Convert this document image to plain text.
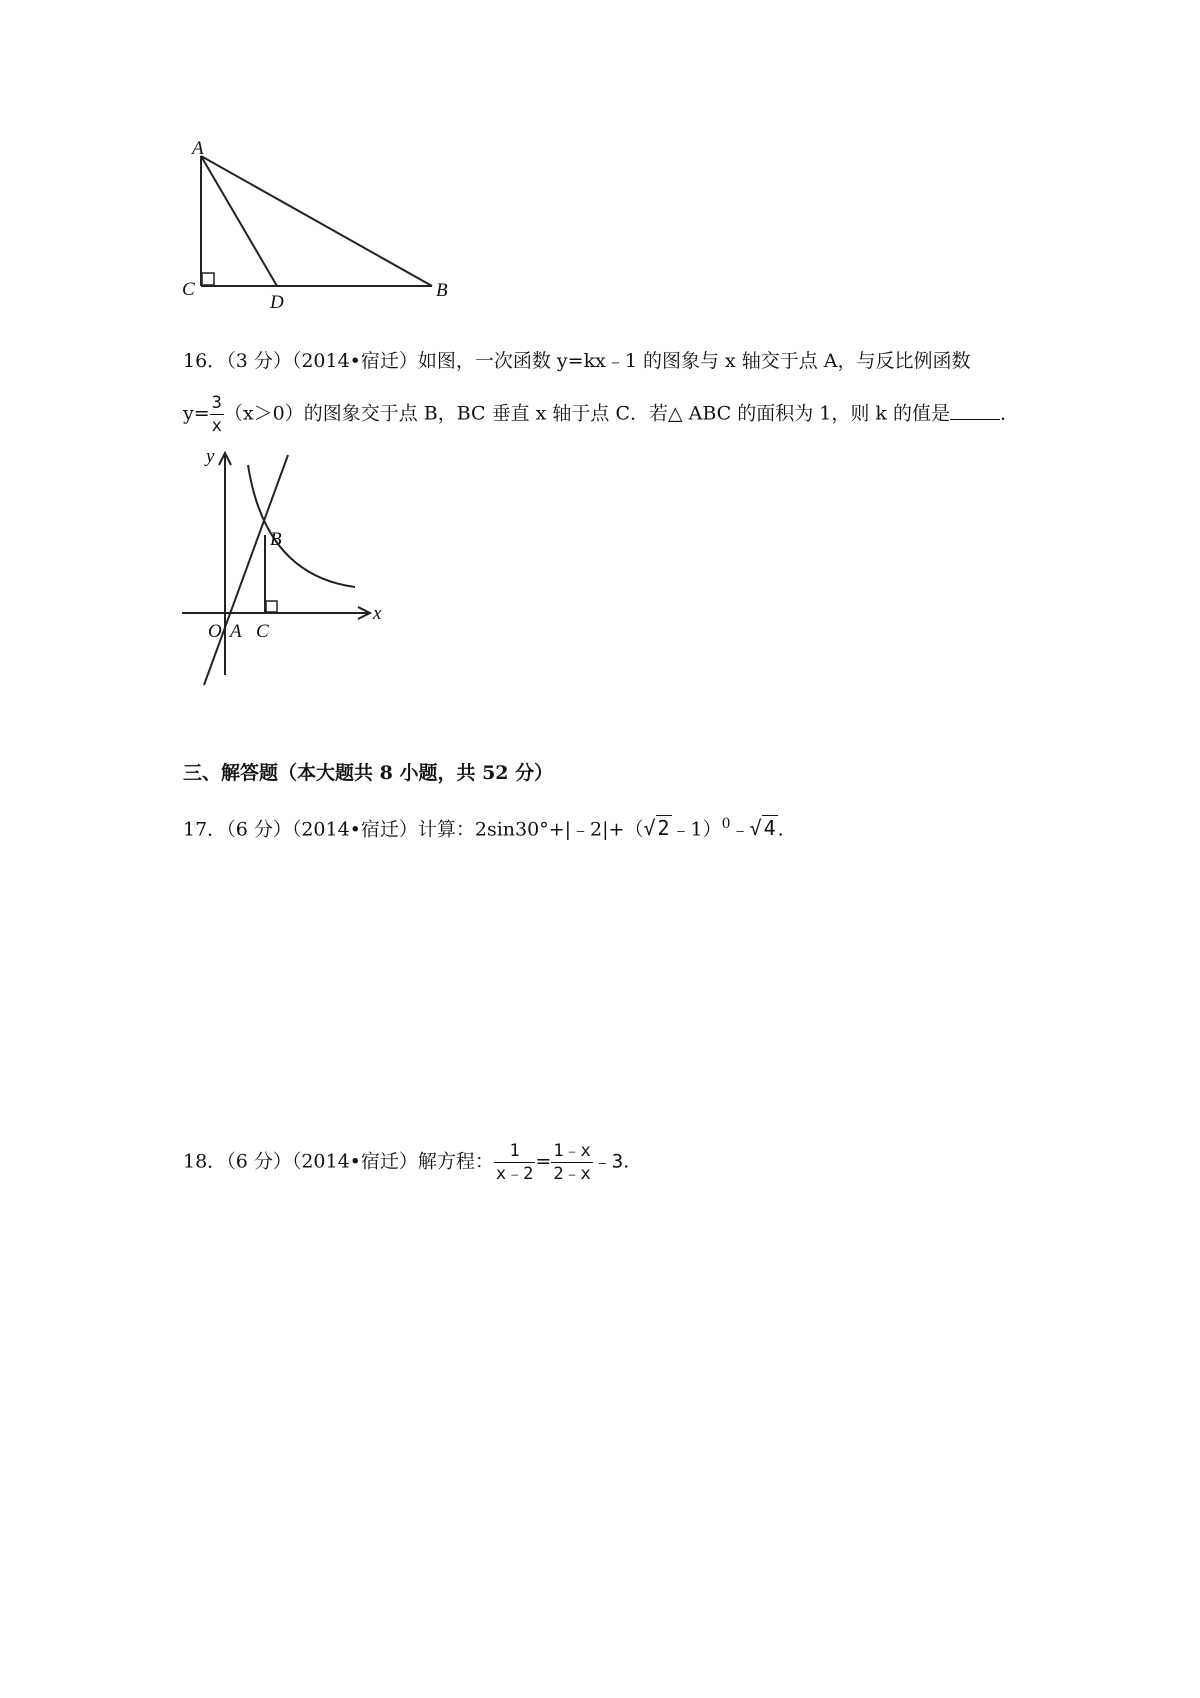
A
C
D
B
16．（3 分）（2014•宿迁）如图，一次函数 y=kx﹣1 的图象与 x 轴交于点 A，与反比例函数
$y= \frac{3}{x} (x>0)$的图象交于点 B，BC 垂直 x 轴于点 C．若△ ABC 的面积为 1，则 k 的值是	．
y
x
O A C
B
三、解答题（本大题共 8 小题，共 52 分）
17．（6 分）（2014•宿迁）计算：2sin30°+|﹣2|+（√ 2 ﹣1）$^0$﹣√ 4 .
18．（6 分）（2014•宿迁）解方程： $\frac{1}{x﹣2} = \frac{1﹣x}{2﹣x}$ ﹣3.
